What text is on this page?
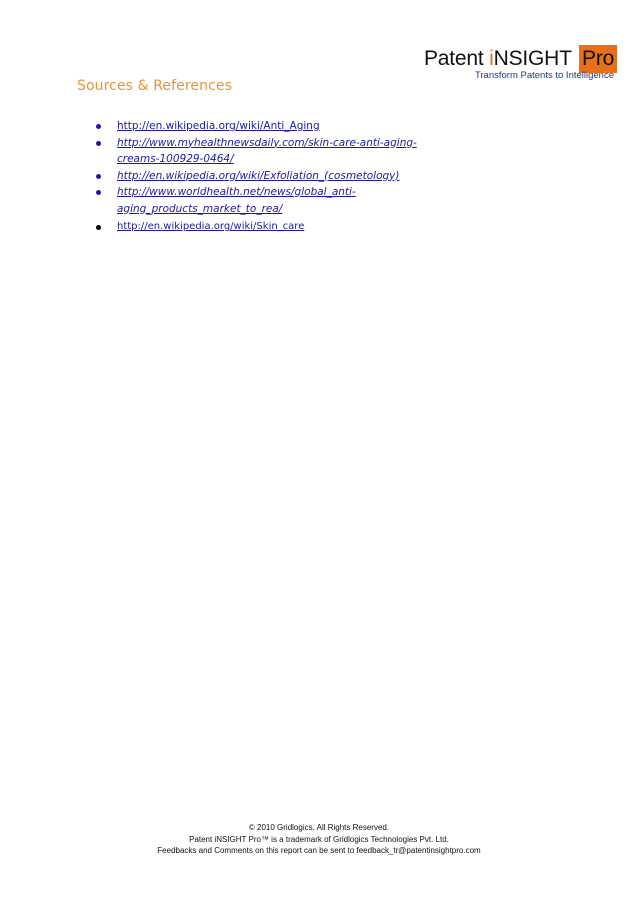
Patent iNSIGHT Pro
Transform Patents to Intelligence
Sources & References
http://en.wikipedia.org/wiki/Anti_Aging
http://www.myhealthnewsdaily.com/skin-care-anti-aging-creams-100929-0464/
http://en.wikipedia.org/wiki/Exfoliation_(cosmetology)
http://www.worldhealth.net/news/global_anti-aging_products_market_to_rea/
http://en.wikipedia.org/wiki/Skin_care
© 2010 Gridlogics. All Rights Reserved.
Patent iNSIGHT Pro™ is a trademark of Gridlogics Technologies Pvt. Ltd.
Feedbacks and Comments on this report can be sent to feedback_tr@patentinsightpro.com
